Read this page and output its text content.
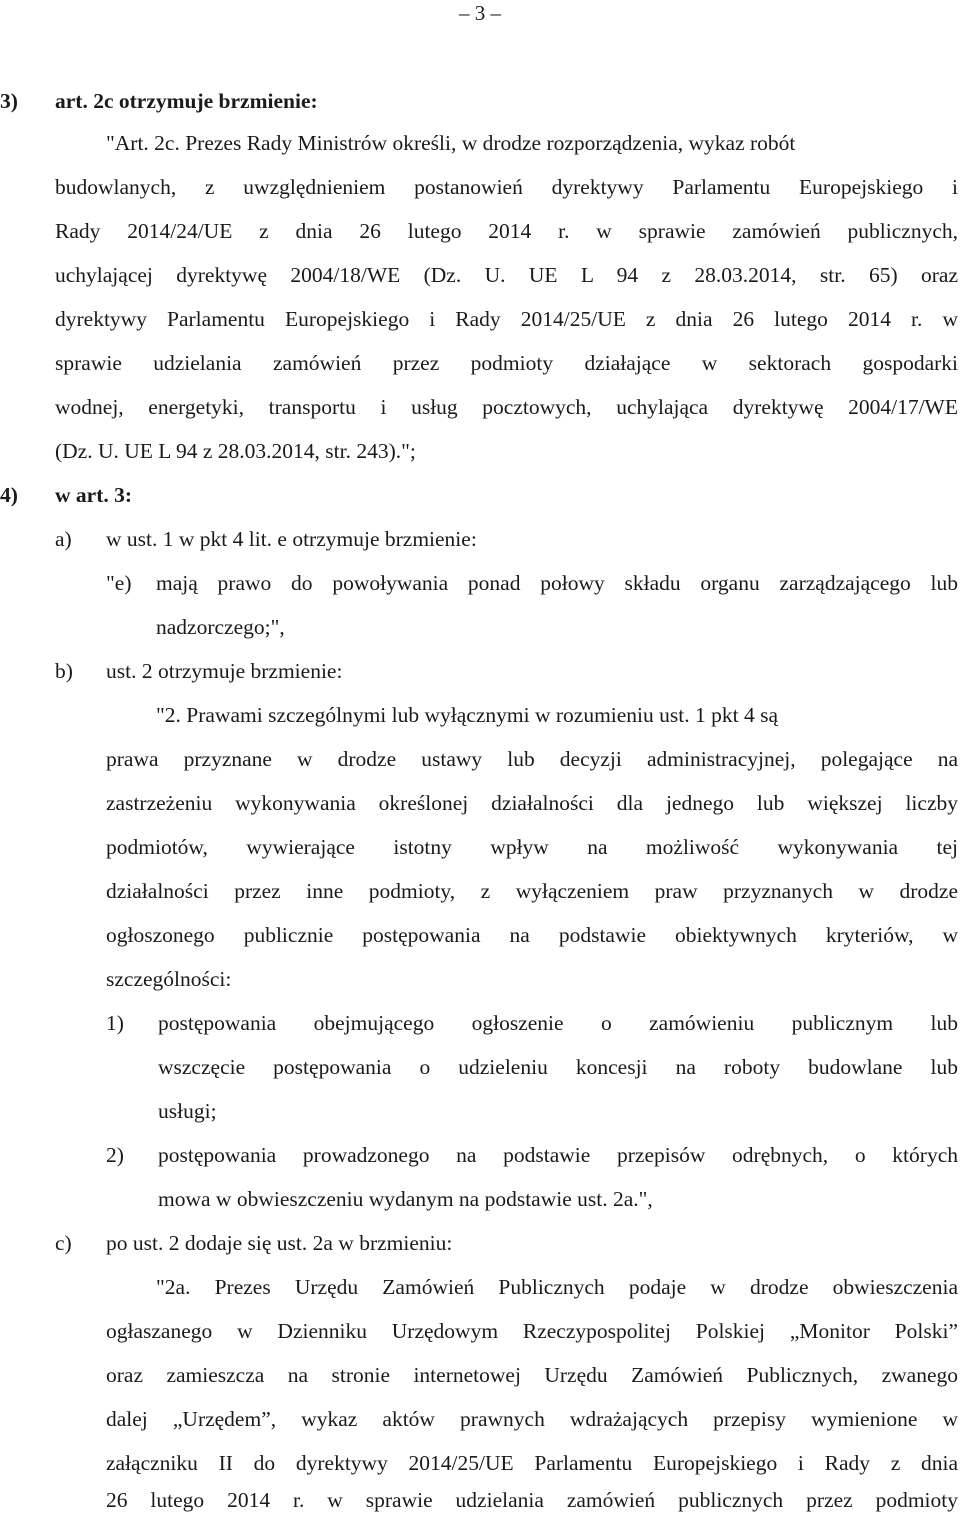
– 3 –
3) art. 2c otrzymuje brzmienie:
"Art. 2c. Prezes Rady Ministrów określi, w drodze rozporządzenia, wykaz robót
budowlanych, z uwzględnieniem postanowień dyrektywy Parlamentu Europejskiego i
Rady 2014/24/UE z dnia 26 lutego 2014 r. w sprawie zamówień publicznych,
uchylającej dyrektywę 2004/18/WE (Dz. U. UE L 94 z 28.03.2014, str. 65) oraz
dyrektywy Parlamentu Europejskiego i Rady 2014/25/UE z dnia 26 lutego 2014 r. w
sprawie udzielania zamówień przez podmioty działające w sektorach gospodarki
wodnej, energetyki, transportu i usług pocztowych, uchylająca dyrektywę 2004/17/WE
(Dz. U. UE L 94 z 28.03.2014, str. 243).";
4) w art. 3:
a) w ust. 1 w pkt 4 lit. e otrzymuje brzmienie:
"e) mają prawo do powoływania ponad połowy składu organu zarządzającego lub
nadzorczego;",
b) ust. 2 otrzymuje brzmienie:
"2. Prawami szczególnymi lub wyłącznymi w rozumieniu ust. 1 pkt 4 są
prawa przyznane w drodze ustawy lub decyzji administracyjnej, polegające na
zastrzeżeniu wykonywania określonej działalności dla jednego lub większej liczby
podmiotów, wywierające istotny wpływ na możliwość wykonywania tej
działalności przez inne podmioty, z wyłączeniem praw przyznanych w drodze
ogłoszonego publicznie postępowania na podstawie obiektywnych kryteriów, w
szczególności:
1) postępowania obejmującego ogłoszenie o zamówieniu publicznym lub
wszczęcie postępowania o udzieleniu koncesji na roboty budowlane lub
usługi;
2) postępowania prowadzonego na podstawie przepisów odrębnych, o których
mowa w obwieszczeniu wydanym na podstawie ust. 2a.",
c) po ust. 2 dodaje się ust. 2a w brzmieniu:
"2a. Prezes Urzędu Zamówień Publicznych podaje w drodze obwieszczenia
ogłaszanego w Dzienniku Urzędowym Rzeczypospolitej Polskiej „Monitor Polski”
oraz zamieszcza na stronie internetowej Urzędu Zamówień Publicznych, zwanego
dalej „Urzędem”, wykaz aktów prawnych wdrażających przepisy wymienione w
załączniku II do dyrektywy 2014/25/UE Parlamentu Europejskiego i Rady z dnia
26 lutego 2014 r. w sprawie udzielania zamówień publicznych przez podmioty
